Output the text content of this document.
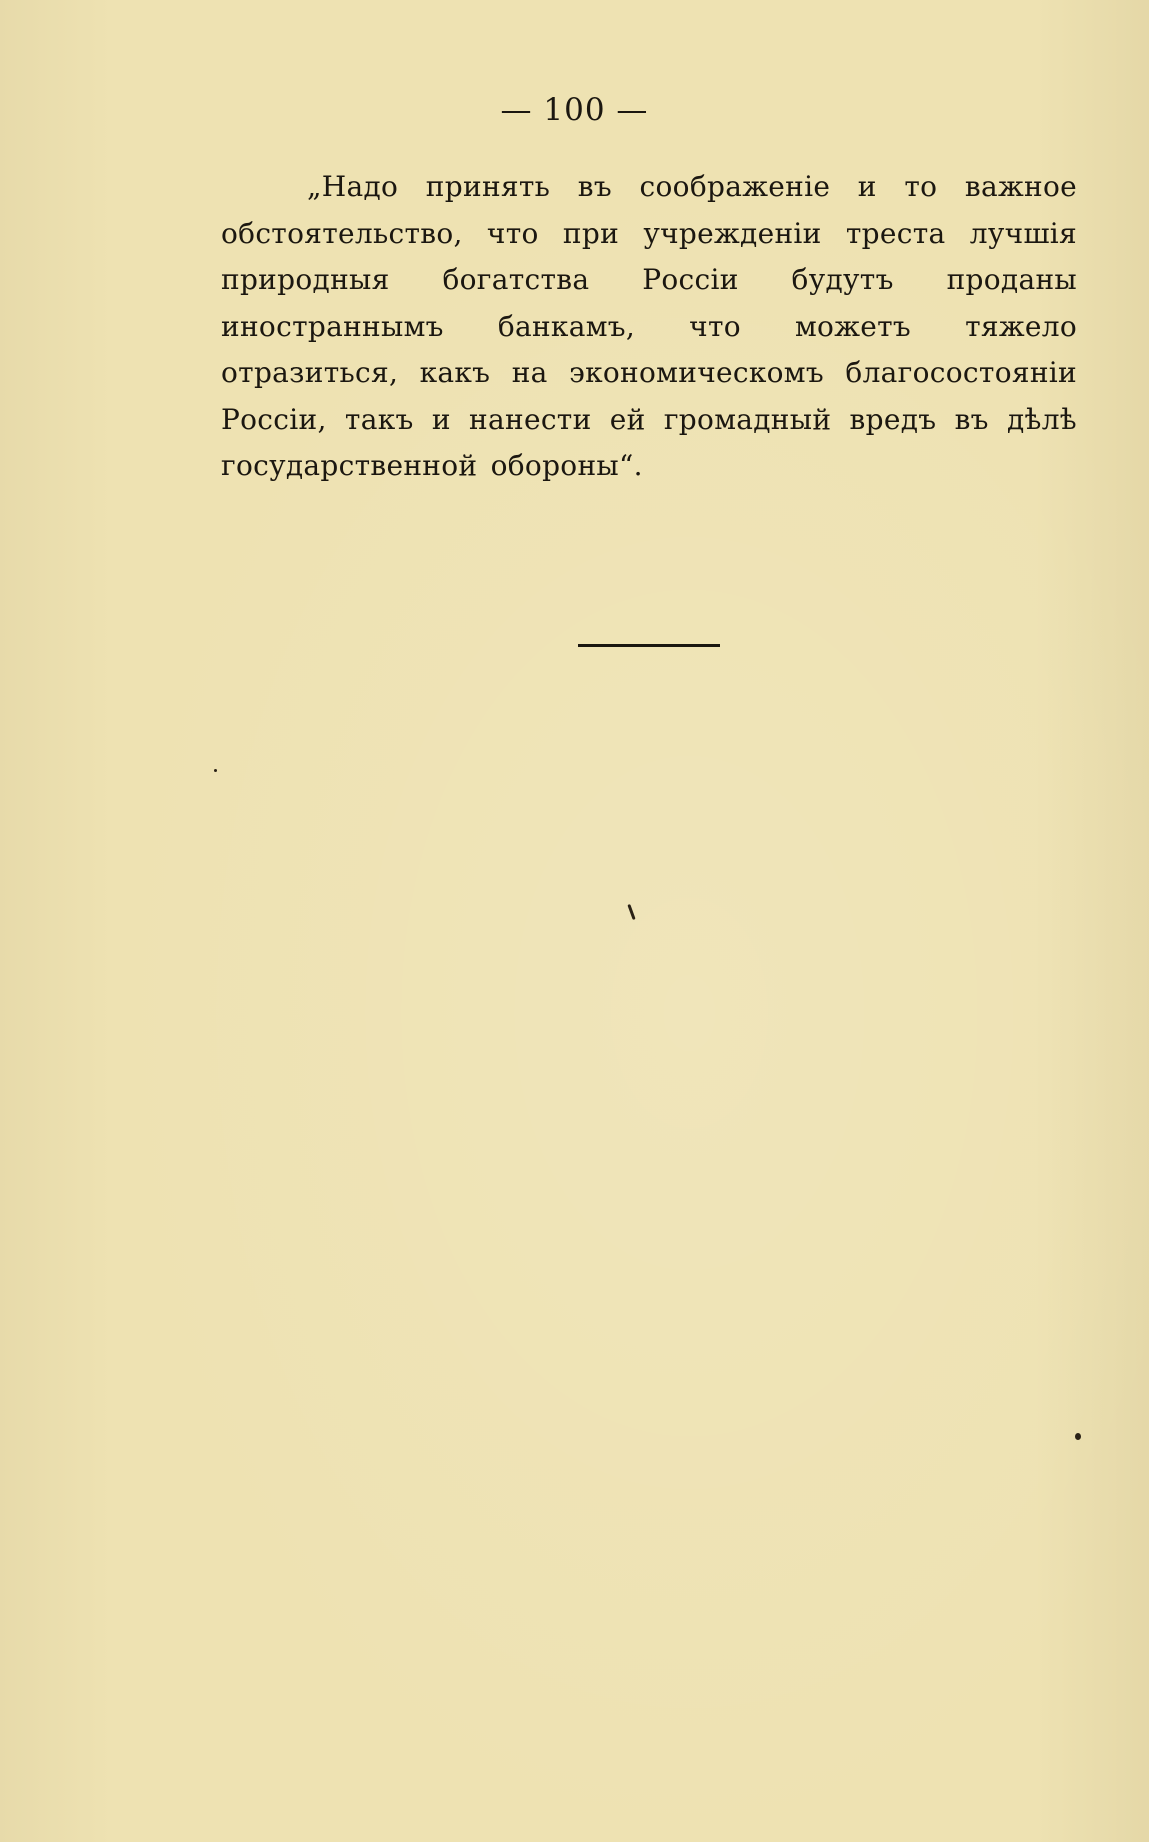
— 100 —

„Надо принять въ соображеніе и то важное обстоятельство, что при учрежденіи треста лучшія природныя богатства Россіи будутъ проданы иностраннымъ банкамъ, что можетъ тяжело отразиться, какъ на экономическомъ благосостояніи Россіи, такъ и нанести ей громадный вредъ въ дѣлѣ государственной обороны“.
